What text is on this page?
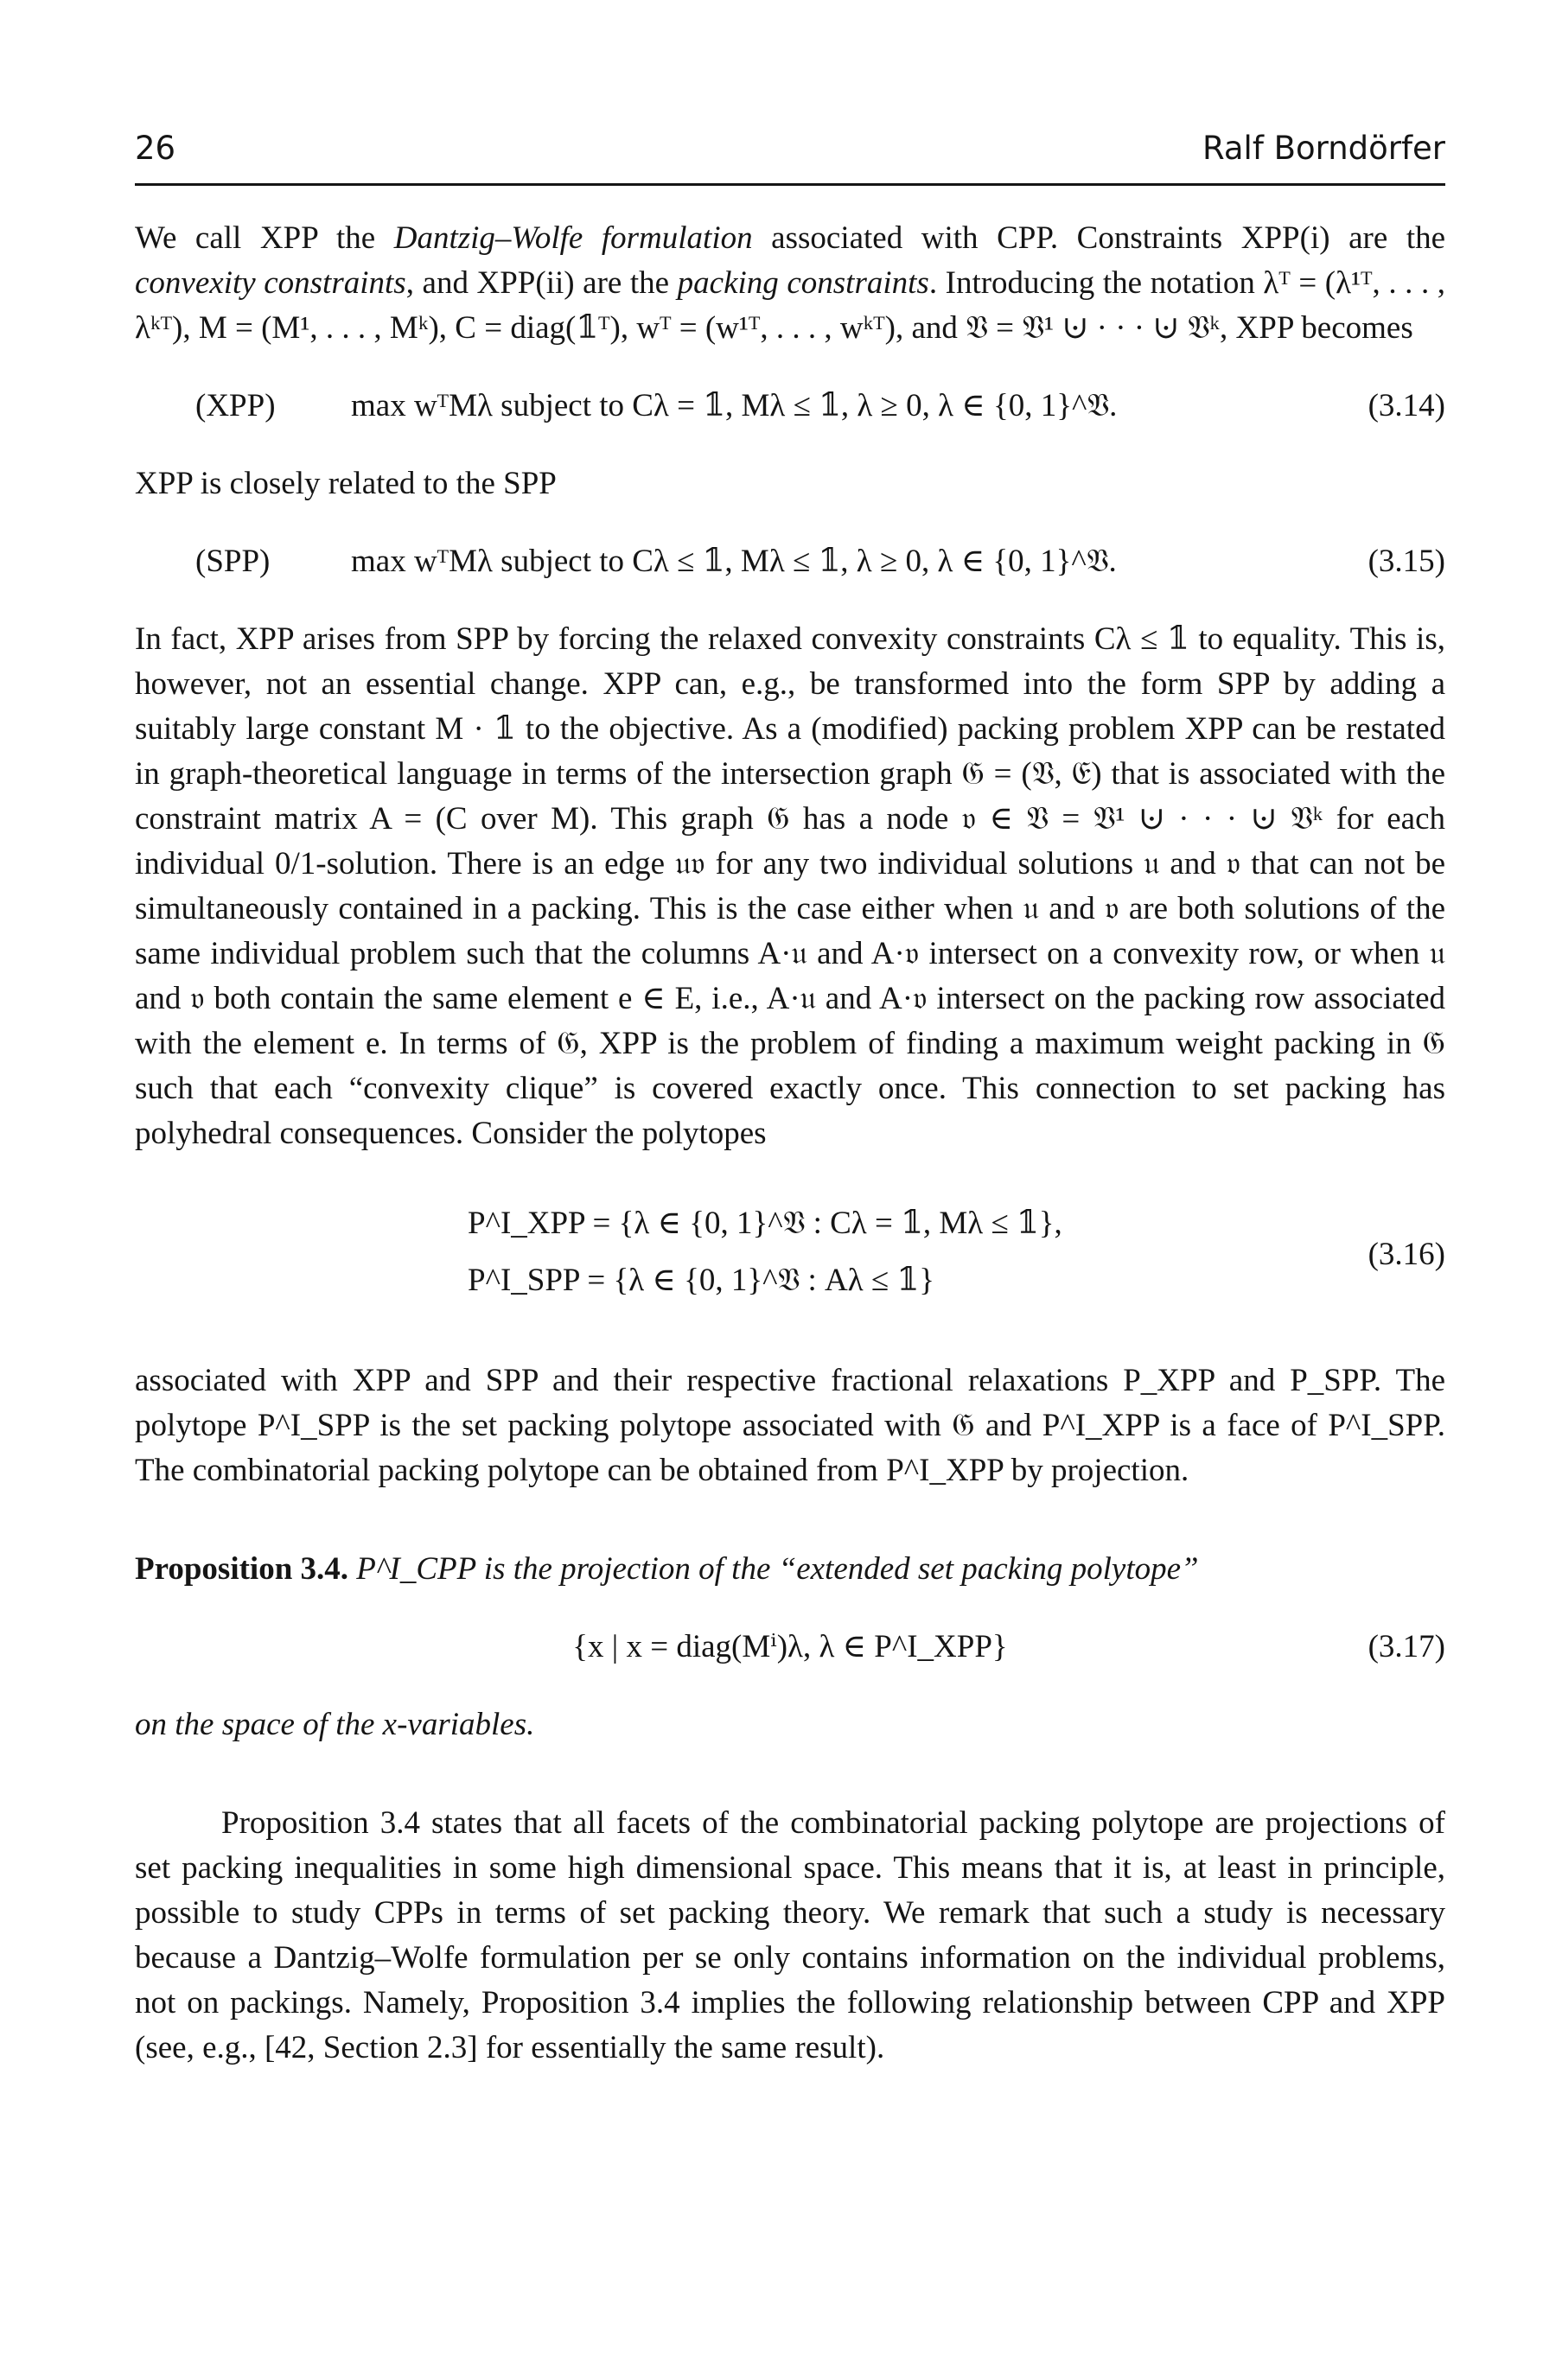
26	Ralf Borndörfer

We call XPP the Dantzig–Wolfe formulation associated with CPP. Constraints XPP(i) are the convexity constraints, and XPP(ii) are the packing constraints. Introducing the notation λᵀ = (λ¹ᵀ, . . . , λᵏᵀ), M = (M¹, . . . , Mᵏ), C = diag(𝟙ᵀ), wᵀ = (w¹ᵀ, . . . , wᵏᵀ), and 𝔙 = 𝔙¹ ⊍ · · · ⊍ 𝔙ᵏ, XPP becomes

(XPP) max wᵀMλ subject to Cλ = 𝟙, Mλ ≤ 𝟙, λ ≥ 0, λ ∈ {0, 1}^𝔙.	(3.14)

XPP is closely related to the SPP

(SPP)	max wᵀMλ subject to Cλ ≤ 𝟙, Mλ ≤ 𝟙, λ ≥ 0, λ ∈ {0, 1}^𝔙.	(3.15)

In fact, XPP arises from SPP by forcing the relaxed convexity constraints Cλ ≤ 𝟙 to equality. This is, however, not an essential change. XPP can, e.g., be transformed into the form SPP by adding a suitably large constant M · 𝟙 to the objective. As a (modified) packing problem XPP can be restated in graph-theoretical language in terms of the intersection graph 𝔊 = (𝔙, 𝔈) that is associated with the constraint matrix A = (C over M). This graph 𝔊 has a node 𝔳 ∈ 𝔙 = 𝔙¹ ⊍ · · · ⊍ 𝔙ᵏ for each individual 0/1-solution. There is an edge 𝔲𝔳 for any two individual solutions 𝔲 and 𝔳 that can not be simultaneously contained in a packing. This is the case either when 𝔲 and 𝔳 are both solutions of the same individual problem such that the columns A·𝔲 and A·𝔳 intersect on a convexity row, or when 𝔲 and 𝔳 both contain the same element e ∈ E, i.e., A·𝔲 and A·𝔳 intersect on the packing row associated with the element e. In terms of 𝔊, XPP is the problem of finding a maximum weight packing in 𝔊 such that each “convexity clique” is covered exactly once. This connection to set packing has polyhedral consequences. Consider the polytopes

P^I_XPP = {λ ∈ {0, 1}^𝔙 : Cλ = 𝟙, Mλ ≤ 𝟙},
P^I_SPP = {λ ∈ {0, 1}^𝔙 : Aλ ≤ 𝟙}
(3.16)

associated with XPP and SPP and their respective fractional relaxations P_XPP and P_SPP. The polytope P^I_SPP is the set packing polytope associated with 𝔊 and P^I_XPP is a face of P^I_SPP. The combinatorial packing polytope can be obtained from P^I_XPP by projection.

Proposition 3.4. P^I_CPP is the projection of the “extended set packing polytope”

{x | x = diag(Mⁱ)λ, λ ∈ P^I_XPP}	(3.17)

on the space of the x-variables.

Proposition 3.4 states that all facets of the combinatorial packing polytope are projections of set packing inequalities in some high dimensional space. This means that it is, at least in principle, possible to study CPPs in terms of set packing theory. We remark that such a study is necessary because a Dantzig–Wolfe formulation per se only contains information on the individual problems, not on packings. Namely, Proposition 3.4 implies the following relationship between CPP and XPP (see, e.g., [42, Section 2.3] for essentially the same result).
